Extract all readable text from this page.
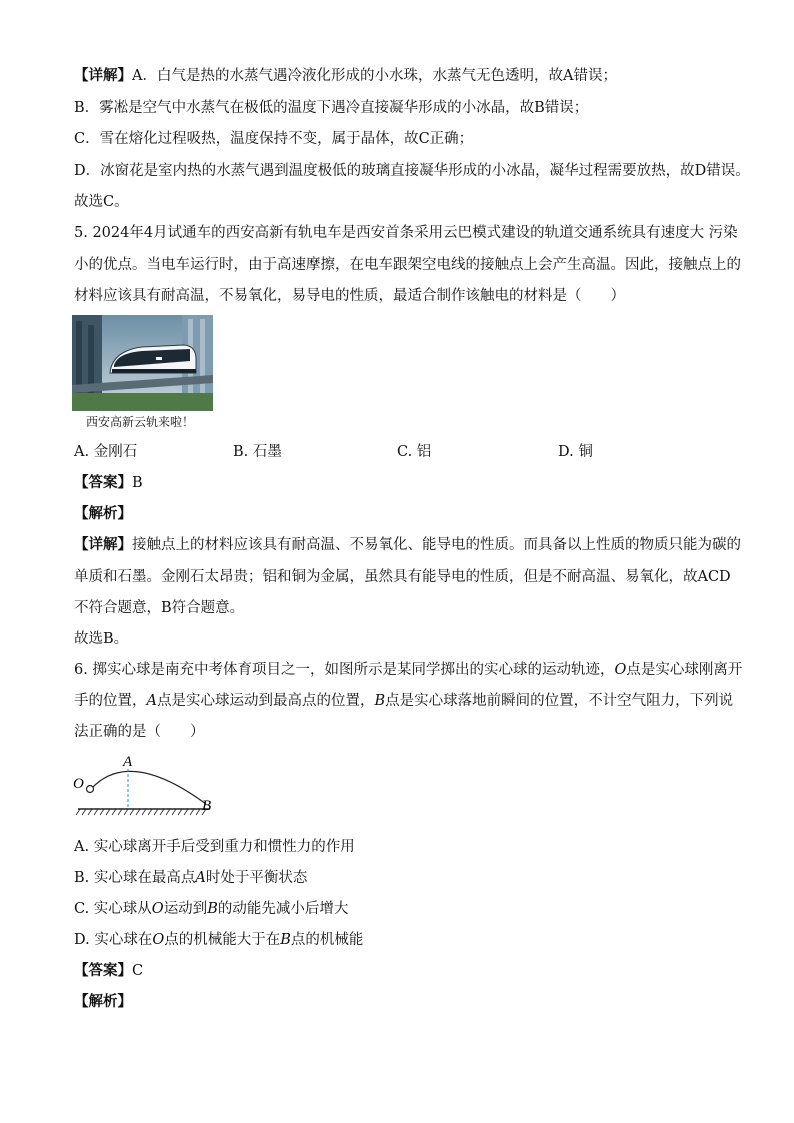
【详解】A．白气是热的水蒸气遇冷液化形成的小水珠，水蒸气无色透明，故A错误；
B．雾凇是空气中水蒸气在极低的温度下遇冷直接凝华形成的小冰晶，故B错误；
C．雪在熔化过程吸热，温度保持不变，属于晶体，故C正确；
D．冰窗花是室内热的水蒸气遇到温度极低的玻璃直接凝华形成的小冰晶，凝华过程需要放热，故D错误。
故选C。
5. 2024年4月试通车的西安高新有轨电车是西安首条采用云巴模式建设的轨道交通系统具有速度大 污染
小的优点。当电车运行时，由于高速摩擦，在电车跟架空电线的接触点上会产生高温。因此，接触点上的
材料应该具有耐高温，不易氧化，易导电的性质，最适合制作该触电的材料是（　　）
西安高新云轨来啦！
A. 金刚石	B. 石墨	C. 铝	D. 铜
【答案】B
【解析】
【详解】接触点上的材料应该具有耐高温、不易氧化、能导电的性质。而具备以上性质的物质只能为碳的
单质和石墨。金刚石太昂贵；铝和铜为金属，虽然具有能导电的性质，但是不耐高温、易氧化，故ACD
不符合题意，B符合题意。
故选B。
6. 掷实心球是南充中考体育项目之一，如图所示是某同学掷出的实心球的运动轨迹，O点是实心球刚离开
手的位置，A点是实心球运动到最高点的位置，B点是实心球落地前瞬间的位置，不计空气阻力，下列说
法正确的是（　　）
O
A
B
A. 实心球离开手后受到重力和惯性力的作用
B. 实心球在最高点A时处于平衡状态
C. 实心球从O运动到B的动能先减小后增大
D. 实心球在O点的机械能大于在B点的机械能
【答案】C
【解析】
